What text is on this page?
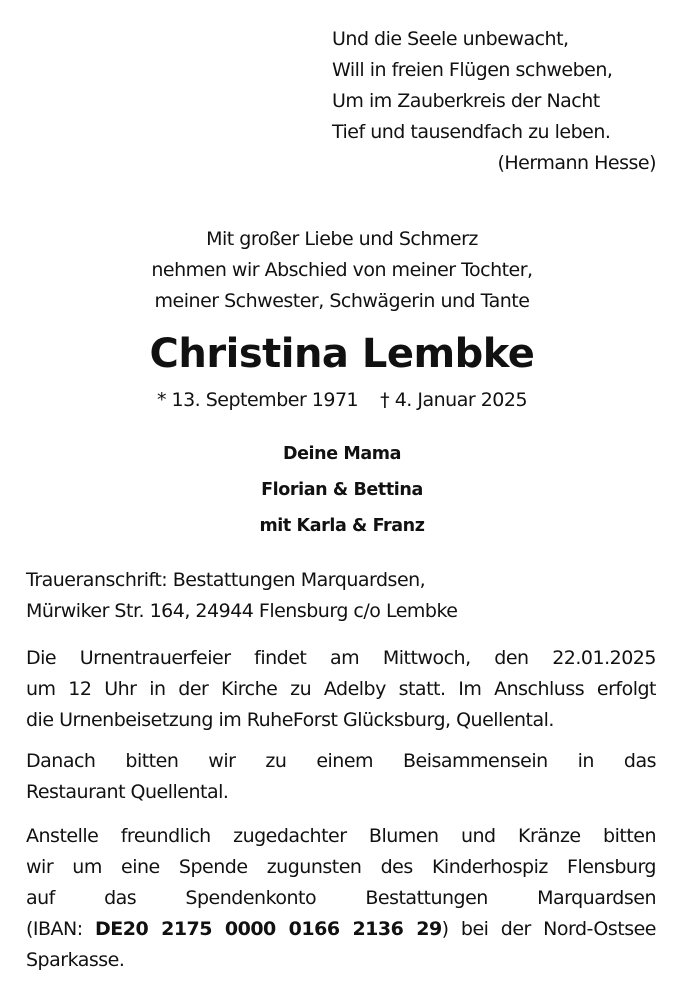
Und die Seele unbewacht,
Will in freien Flügen schweben,
Um im Zauberkreis der Nacht
Tief und tausendfach zu leben.
(Hermann Hesse)
Mit großer Liebe und Schmerz
nehmen wir Abschied von meiner Tochter,
meiner Schwester, Schwägerin und Tante
Christina Lembke
* 13. September 1971 † 4. Januar 2025
Deine Mama
Florian & Bettina
mit Karla & Franz
Traueranschrift: Bestattungen Marquardsen,
Mürwiker Str. 164, 24944 Flensburg c/o Lembke
Die Urnentrauerfeier findet am Mittwoch, den 22.01.2025
um 12 Uhr in der Kirche zu Adelby statt. Im Anschluss erfolgt
die Urnenbeisetzung im RuheForst Glücksburg, Quellental.
Danach bitten wir zu einem Beisammensein in das
Restaurant Quellental.
Anstelle freundlich zugedachter Blumen und Kränze bitten
wir um eine Spende zugunsten des Kinderhospiz Flensburg
auf das Spendenkonto Bestattungen Marquardsen
(IBAN: DE20 2175 0000 0166 2136 29) bei der Nord-Ostsee
Sparkasse.
